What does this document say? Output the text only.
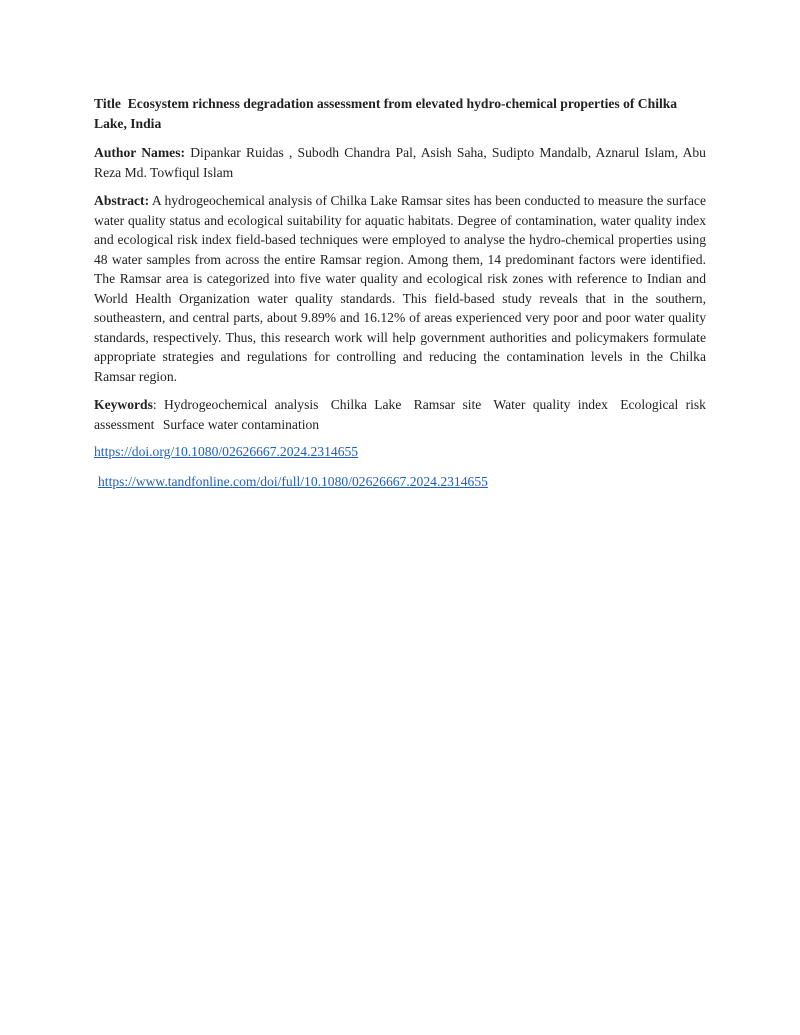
Title Ecosystem richness degradation assessment from elevated hydro-chemical properties of Chilka Lake, India

Author Names: Dipankar Ruidas , Subodh Chandra Pal, Asish Saha, Sudipto Mandalb, Aznarul Islam, Abu Reza Md. Towfiqul Islam

Abstract: A hydrogeochemical analysis of Chilka Lake Ramsar sites has been conducted to measure the surface water quality status and ecological suitability for aquatic habitats. Degree of contamination, water quality index and ecological risk index field-based techniques were employed to analyse the hydro-chemical properties using 48 water samples from across the entire Ramsar region. Among them, 14 predominant factors were identified. The Ramsar area is categorized into five water quality and ecological risk zones with reference to Indian and World Health Organization water quality standards. This field-based study reveals that in the southern, southeastern, and central parts, about 9.89% and 16.12% of areas experienced very poor and poor water quality standards, respectively. Thus, this research work will help government authorities and policymakers formulate appropriate strategies and regulations for controlling and reducing the contamination levels in the Chilka Ramsar region.

Keywords: Hydrogeochemical analysis Chilka Lake Ramsar site Water quality index Ecological risk assessment Surface water contamination

https://doi.org/10.1080/02626667.2024.2314655

https://www.tandfonline.com/doi/full/10.1080/02626667.2024.2314655
